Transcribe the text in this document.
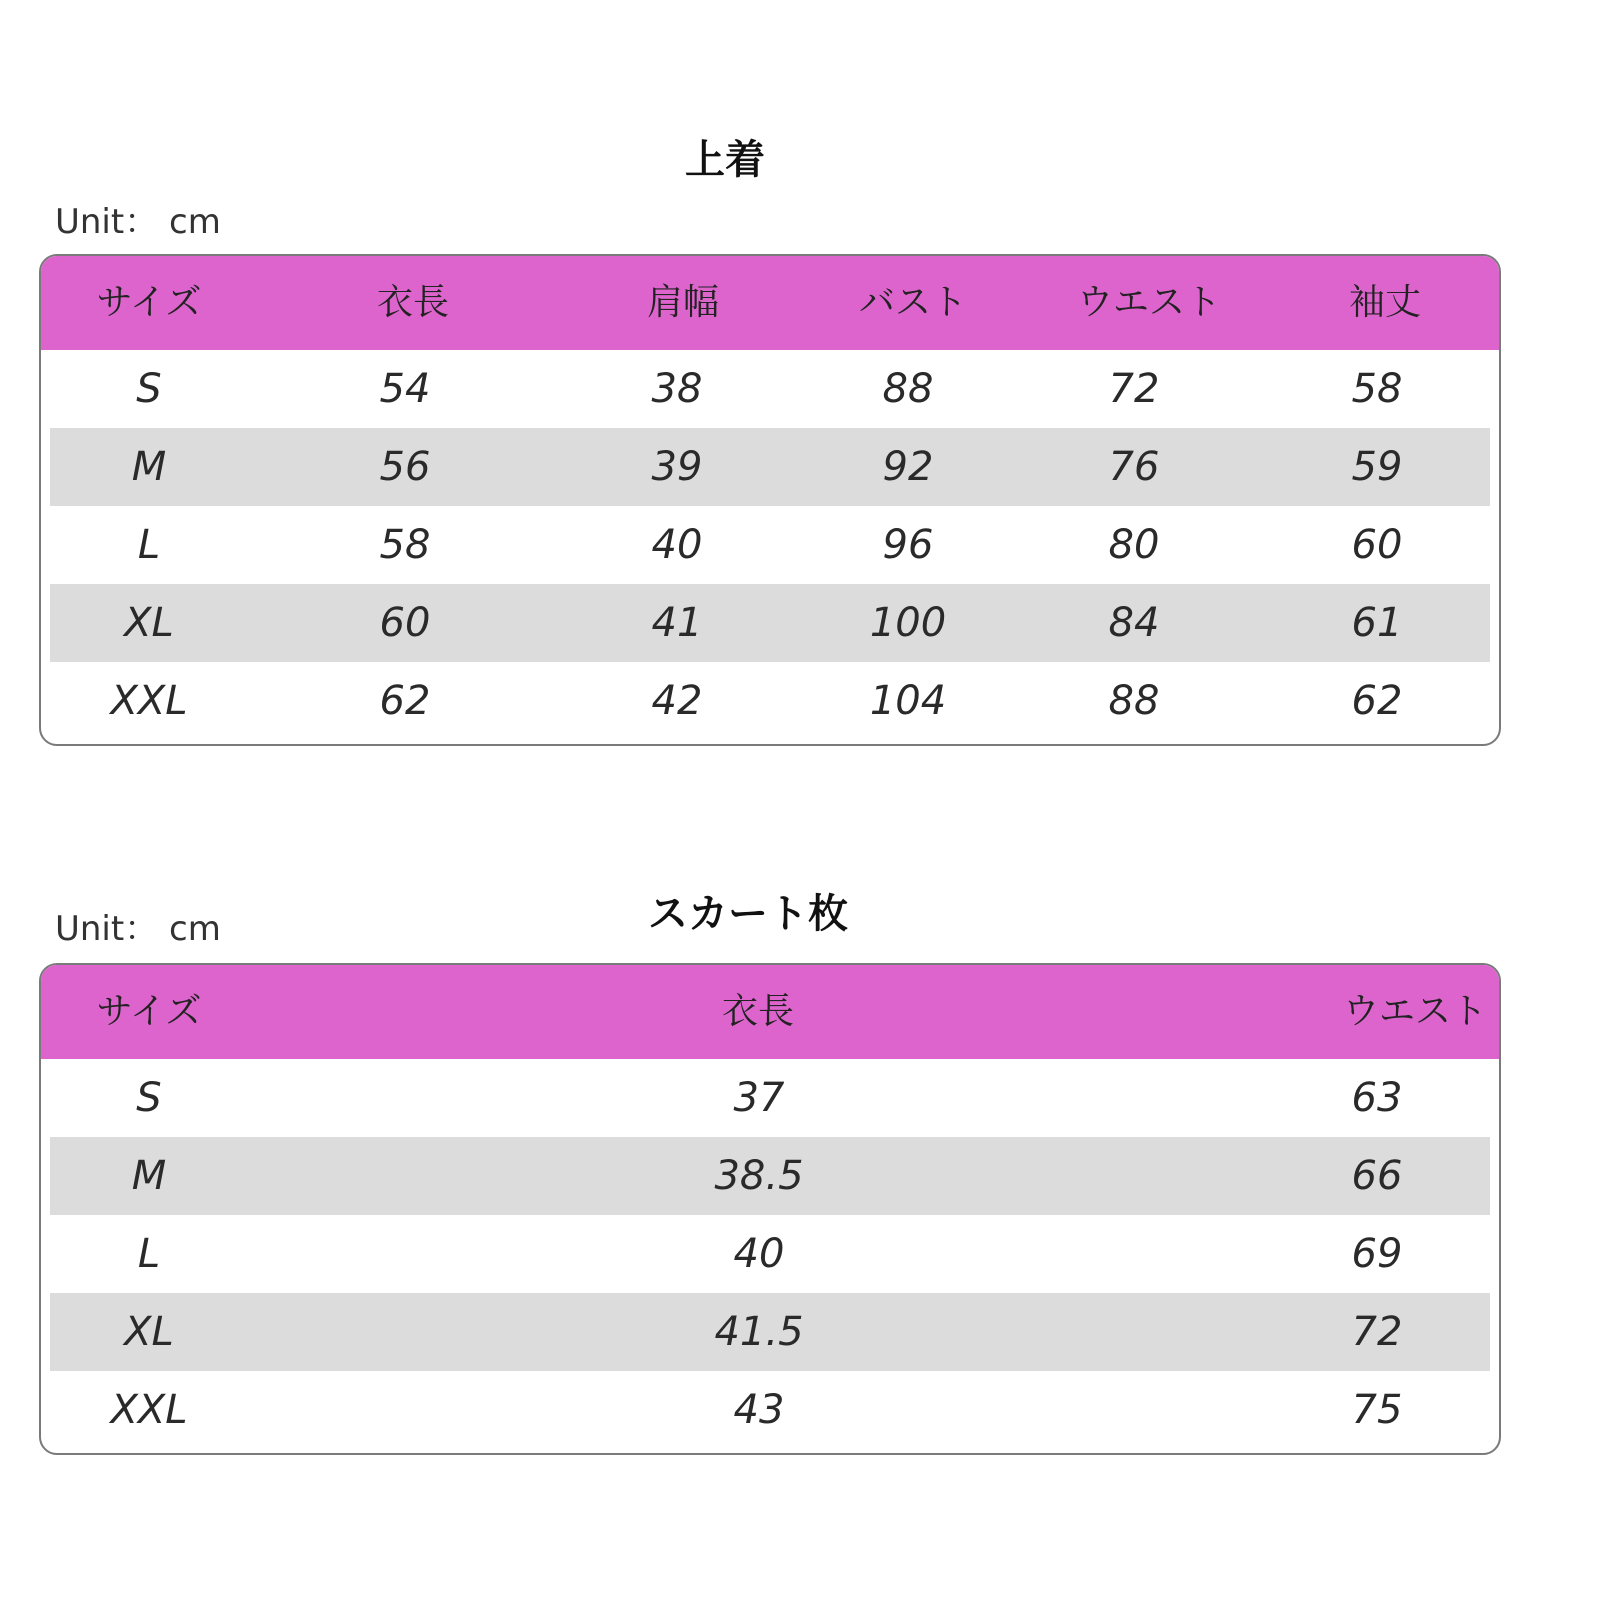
上着
Unit： cm
サイズ	衣長	肩幅	バスト	ウエスト	袖丈
S	54	38	88	72	58
M	56	39	92	76	59
L	58	40	96	80	60
XL	60	41	100	84	61
XXL	62	42	104	88	62
スカート枚
Unit： cm
サイズ	衣長	ウエスト
S	37	63
M	38.5	66
L	40	69
XL	41.5	72
XXL	43	75
